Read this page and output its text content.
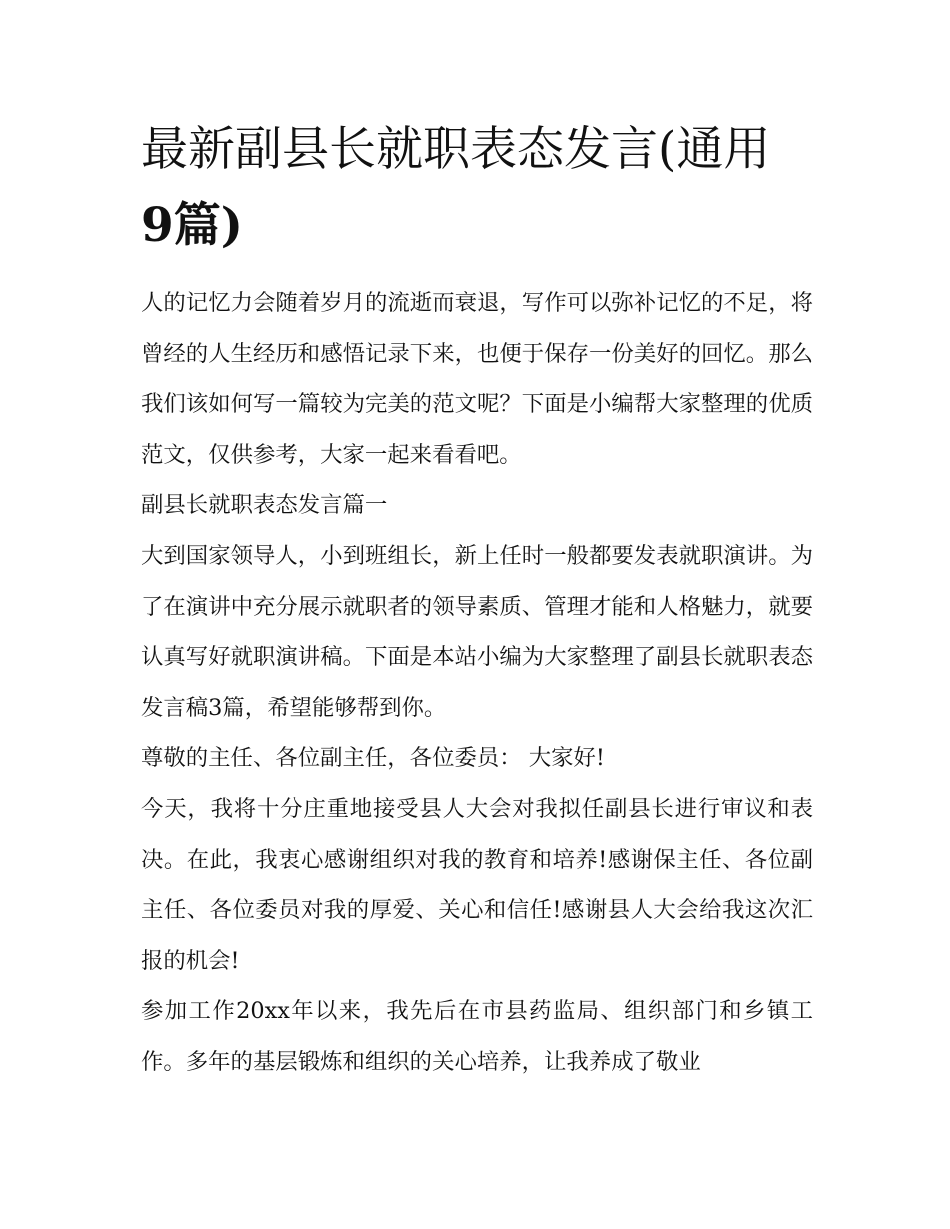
最新副县长就职表态发言(通用
9篇)

人的记忆力会随着岁月的流逝而衰退，写作可以弥补记忆的不足，将曾经的人生经历和感悟记录下来，也便于保存一份美好的回忆。那么我们该如何写一篇较为完美的范文呢？下面是小编帮大家整理的优质范文，仅供参考，大家一起来看看吧。

副县长就职表态发言篇一

大到国家领导人，小到班组长，新上任时一般都要发表就职演讲。为了在演讲中充分展示就职者的领导素质、管理才能和人格魅力，就要认真写好就职演讲稿。下面是本站小编为大家整理了副县长就职表态发言稿3篇，希望能够帮到你。

尊敬的主任、各位副主任，各位委员： 大家好!

今天，我将十分庄重地接受县人大会对我拟任副县长进行审议和表决。在此，我衷心感谢组织对我的教育和培养!感谢保主任、各位副主任、各位委员对我的厚爱、关心和信任!感谢县人大会给我这次汇报的机会!

参加工作20xx年以来，我先后在市县药监局、组织部门和乡镇工作。多年的基层锻炼和组织的关心培养，让我养成了敬业
